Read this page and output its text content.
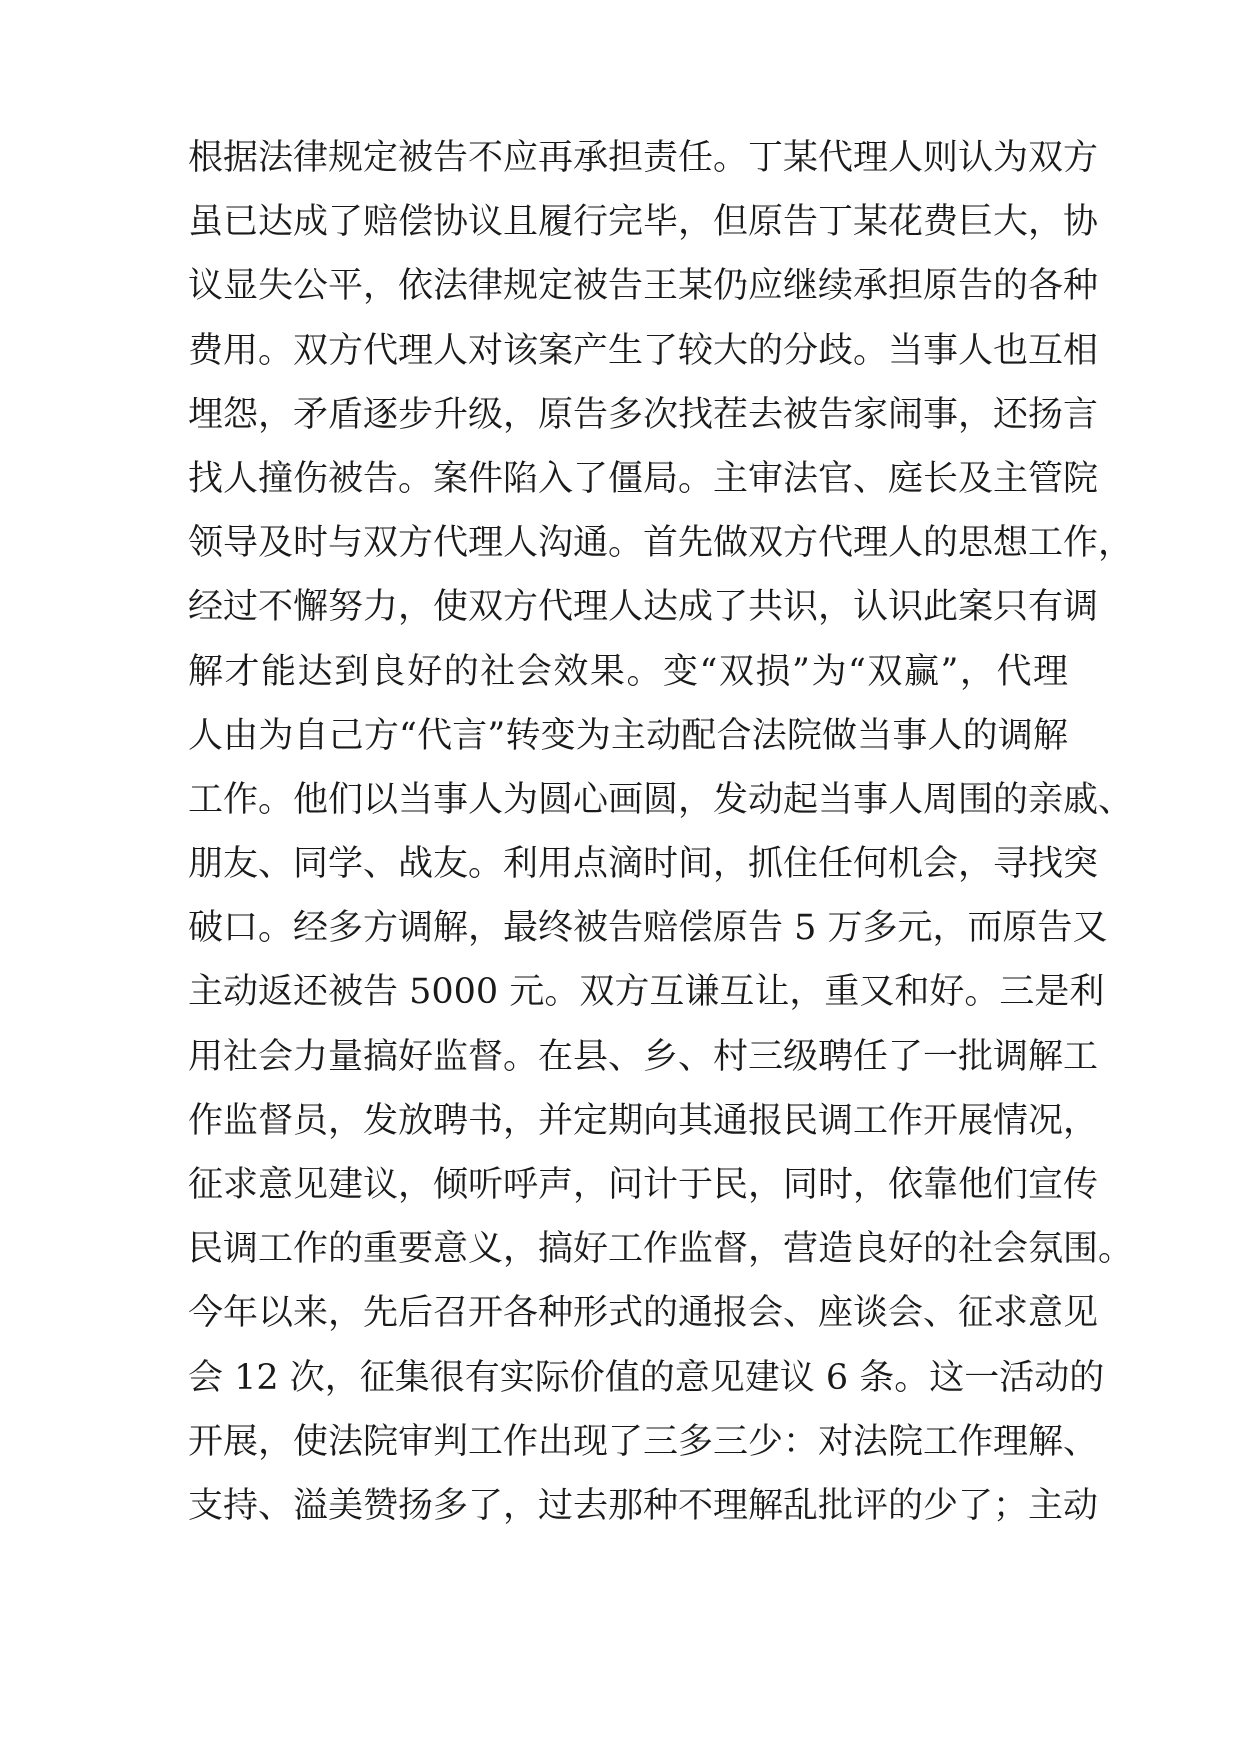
根据法律规定被告不应再承担责任。丁某代理人则认为双方
虽已达成了赔偿协议且履行完毕，但原告丁某花费巨大，协
议显失公平，依法律规定被告王某仍应继续承担原告的各种
费用。双方代理人对该案产生了较大的分歧。当事人也互相
埋怨，矛盾逐步升级，原告多次找茬去被告家闹事，还扬言
找人撞伤被告。案件陷入了僵局。主审法官、庭长及主管院
领导及时与双方代理人沟通。首先做双方代理人的思想工作，
经过不懈努力，使双方代理人达成了共识，认识此案只有调
解才能达到良好的社会效果。变“双损”为“双赢”，代理
人由为自己方“代言”转变为主动配合法院做当事人的调解
工作。他们以当事人为圆心画圆，发动起当事人周围的亲戚、
朋友、同学、战友。利用点滴时间，抓住任何机会，寻找突
破口。经多方调解，最终被告赔偿原告 5 万多元，而原告又
主动返还被告 5000 元。双方互谦互让，重又和好。三是利
用社会力量搞好监督。在县、乡、村三级聘任了一批调解工
作监督员，发放聘书，并定期向其通报民调工作开展情况，
征求意见建议，倾听呼声，问计于民，同时，依靠他们宣传
民调工作的重要意义，搞好工作监督，营造良好的社会氛围。
今年以来，先后召开各种形式的通报会、座谈会、征求意见
会 12 次，征集很有实际价值的意见建议 6 条。这一活动的
开展，使法院审判工作出现了三多三少：对法院工作理解、
支持、溢美赞扬多了，过去那种不理解乱批评的少了；主动
